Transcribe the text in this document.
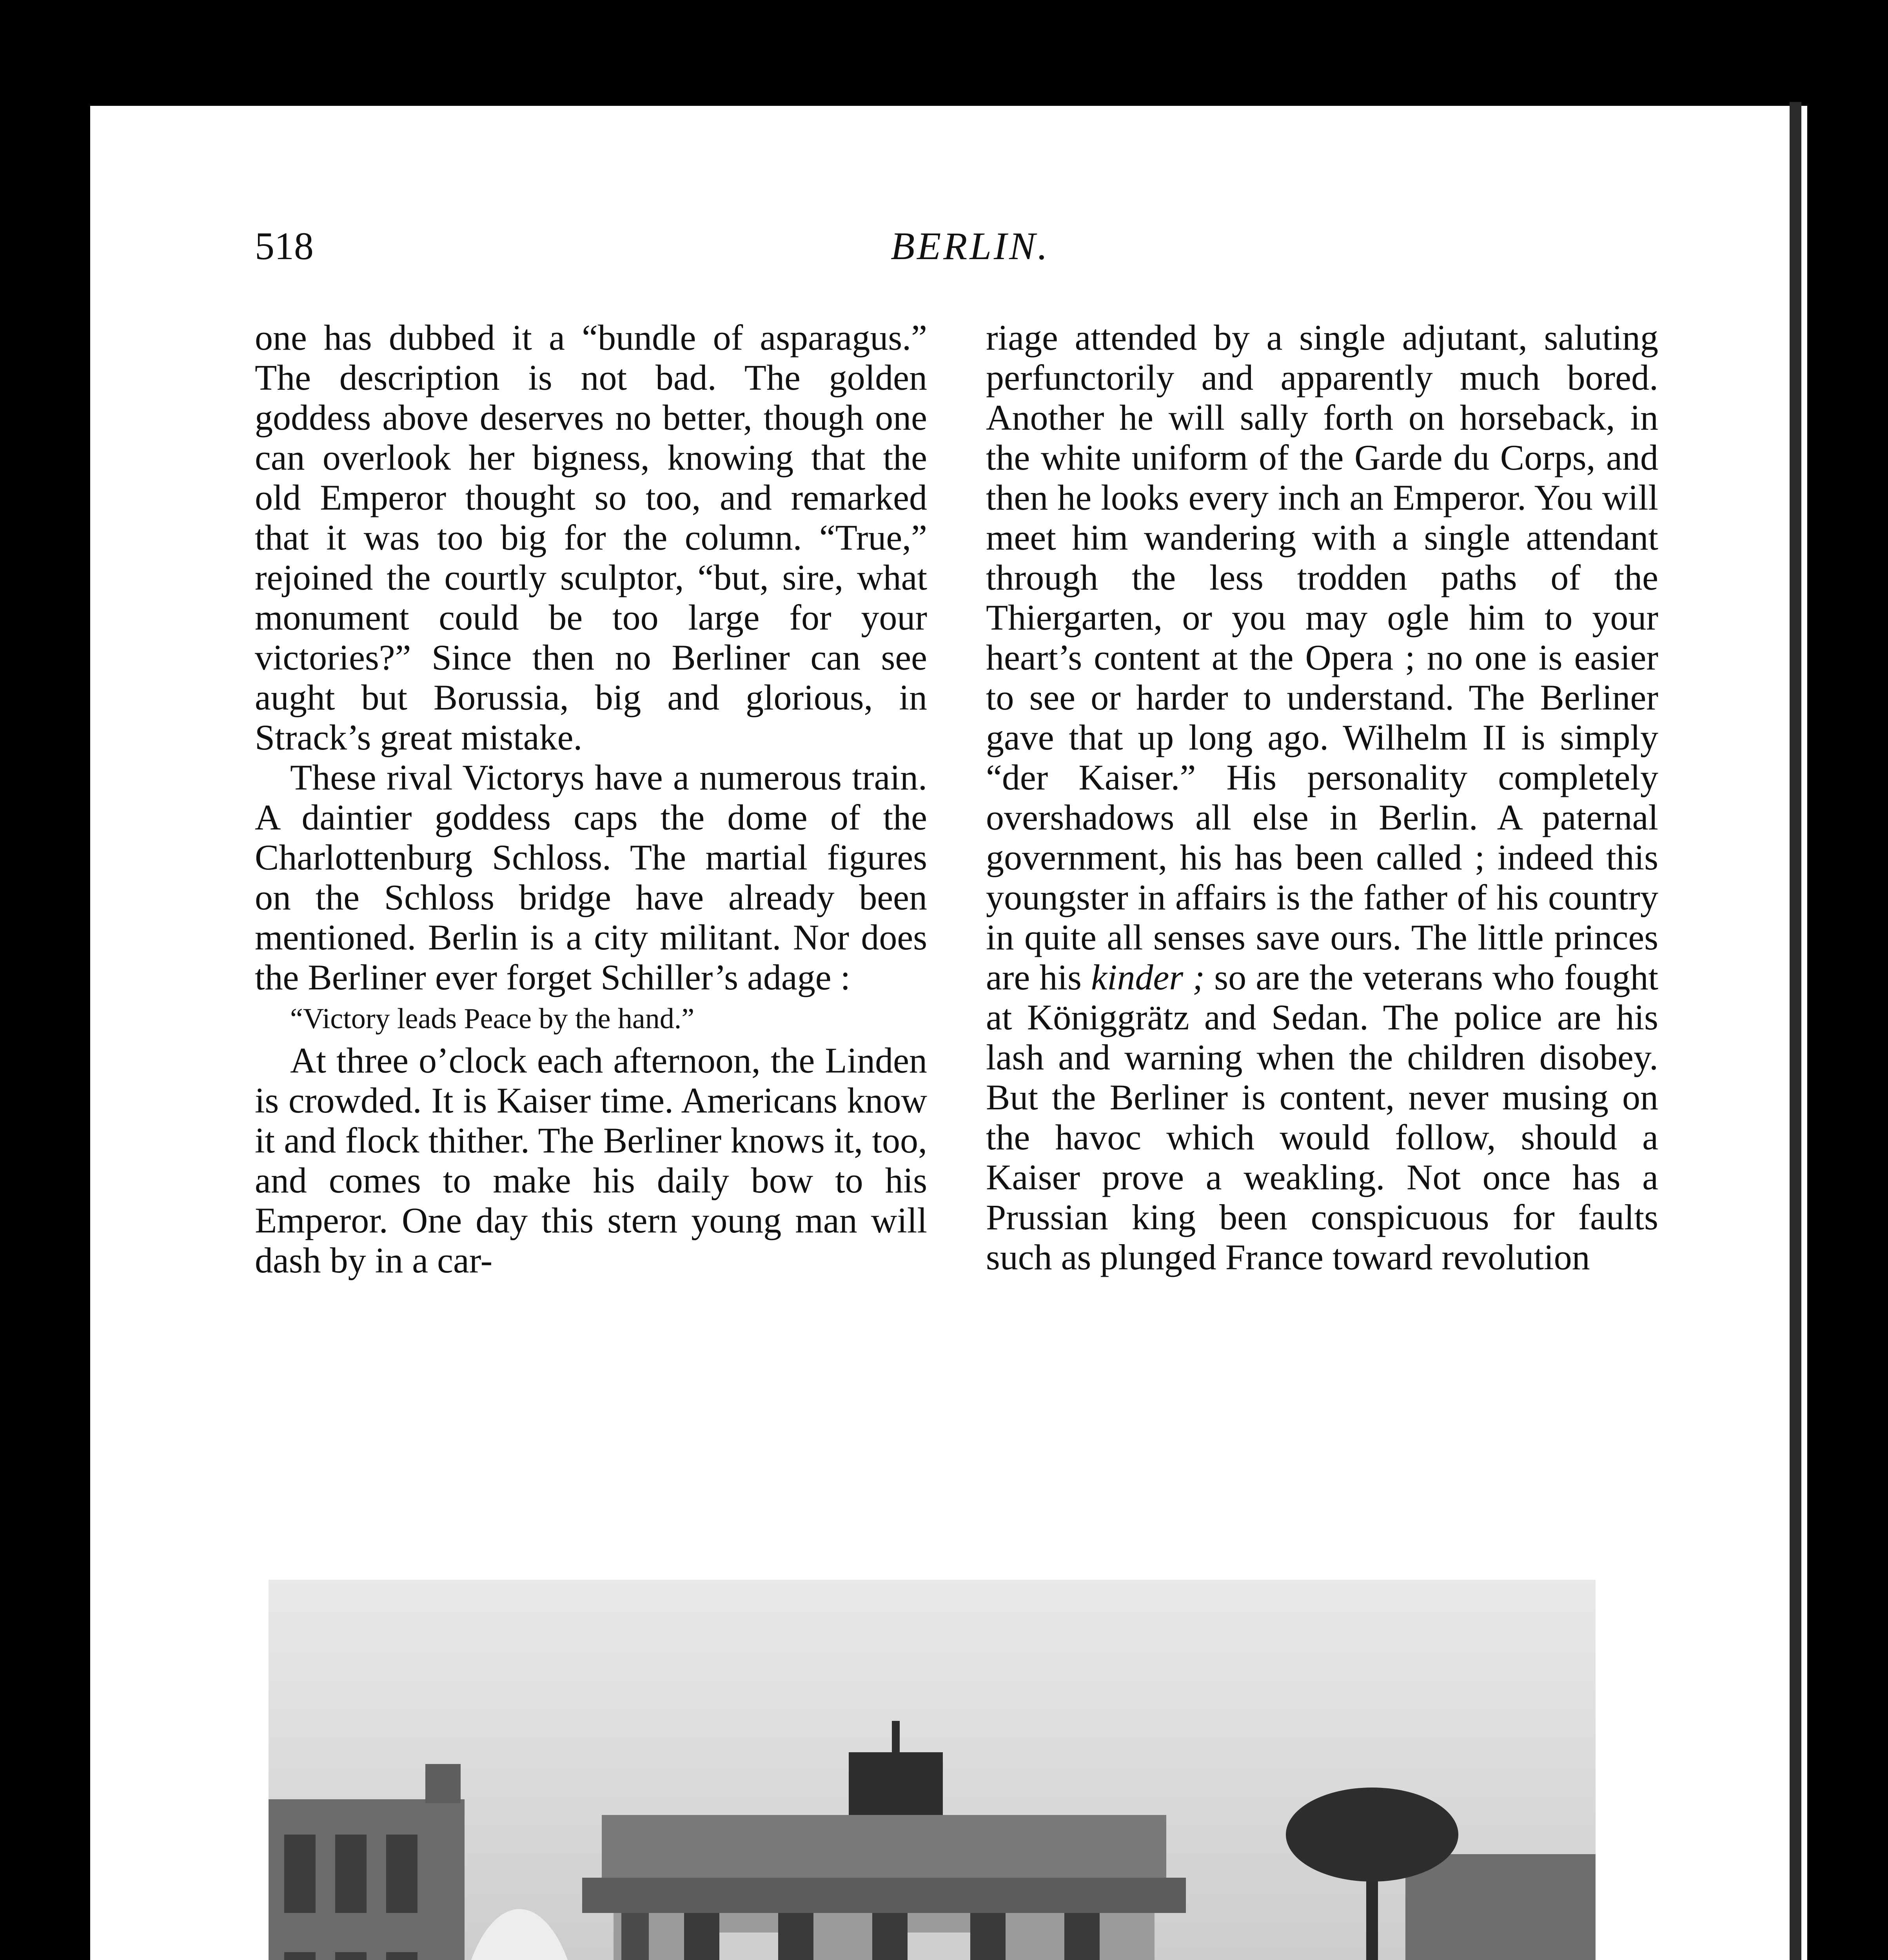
518	BERLIN.

one has dubbed it a “bundle of asparagus.” The description is not bad. The golden goddess above deserves no better, though one can overlook her bigness, knowing that the old Emperor thought so too, and remarked that it was too big for the column. “True,” rejoined the courtly sculptor, “but, sire, what monument could be too large for your victories?” Since then no Berliner can see aught but Borussia, big and glorious, in Strack’s great mistake.

These rival Victorys have a numerous train. A daintier goddess caps the dome of the Charlottenburg Schloss. The martial figures on the Schloss bridge have already been mentioned. Berlin is a city militant. Nor does the Berliner ever forget Schiller’s adage :

“Victory leads Peace by the hand.”

At three o’clock each afternoon, the Linden is crowded. It is Kaiser time. Americans know it and flock thither. The Berliner knows it, too, and comes to make his daily bow to his Emperor. One day this stern young man will dash by in a car-

riage attended by a single adjutant, saluting perfunctorily and apparently much bored. Another he will sally forth on horseback, in the white uniform of the Garde du Corps, and then he looks every inch an Emperor. You will meet him wandering with a single attendant through the less trodden paths of the Thiergarten, or you may ogle him to your heart’s content at the Opera ; no one is easier to see or harder to understand. The Berliner gave that up long ago. Wilhelm II is simply “der Kaiser.” His personality completely overshadows all else in Berlin. A paternal government, his has been called ; indeed this youngster in affairs is the father of his country in quite all senses save ours. The little princes are his kinder ; so are the veterans who fought at Königgrätz and Sedan. The police are his lash and warning when the children disobey. But the Berliner is content, never musing on the havoc which would follow, should a Kaiser prove a weakling. Not once has a Prussian king been conspicuous for faults such as plunged France toward revolution
